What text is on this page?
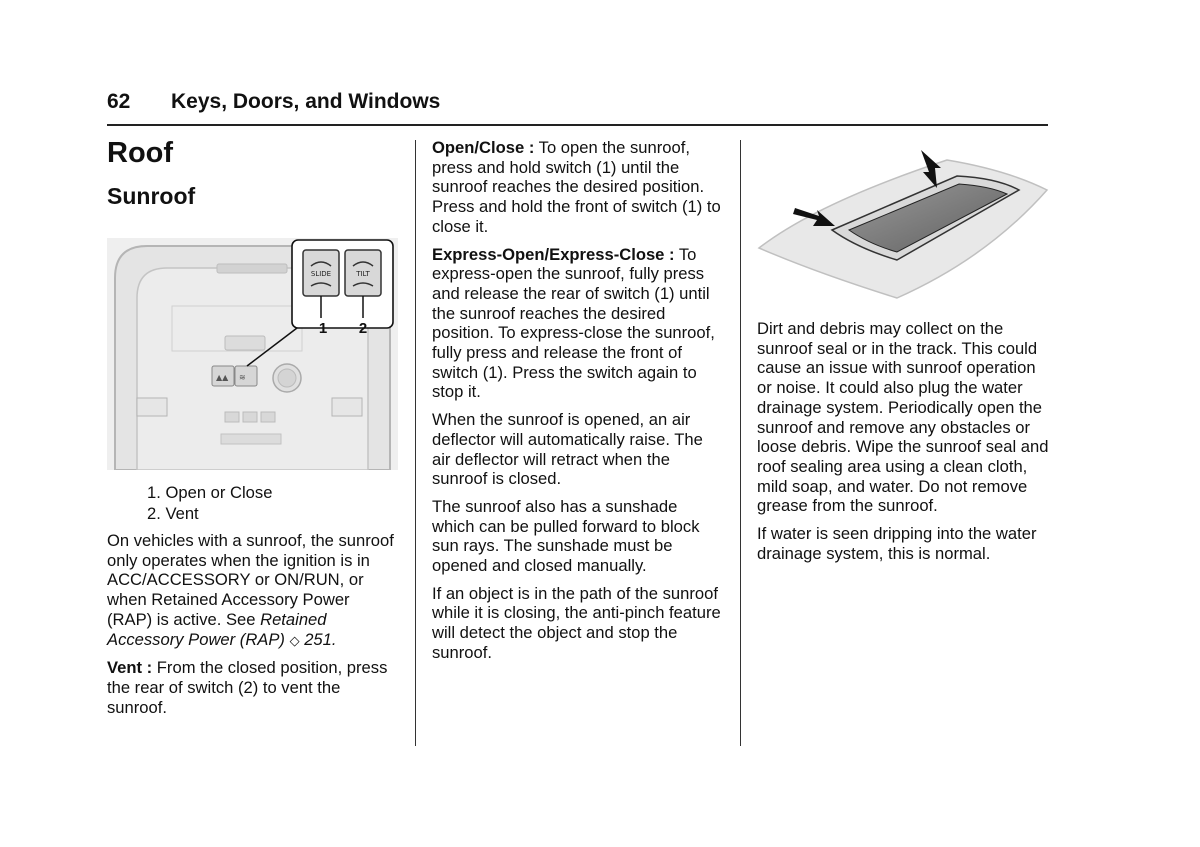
62 Keys, Doors, and Windows
Roof
Sunroof
▲▲ ≋
SLIDE	TILT
1 2
1. Open or Close
2. Vent

On vehicles with a sunroof, the sunroof only operates when the ignition is in ACC/ACCESSORY or ON/RUN, or when Retained Accessory Power (RAP) is active. See Retained Accessory Power (RAP) ◇ 251.

Vent : From the closed position, press the rear of switch (2) to vent the sunroof.

Open/Close : To open the sunroof, press and hold switch (1) until the sunroof reaches the desired position. Press and hold the front of switch (1) to close it.

Express-Open/Express-Close : To express-open the sunroof, fully press and release the rear of switch (1) until the sunroof reaches the desired position. To express-close the sunroof, fully press and release the front of switch (1). Press the switch again to stop it.

When the sunroof is opened, an air deflector will automatically raise. The air deflector will retract when the sunroof is closed.

The sunroof also has a sunshade which can be pulled forward to block sun rays. The sunshade must be opened and closed manually.

If an object is in the path of the sunroof while it is closing, the anti-pinch feature will detect the object and stop the sunroof.

Dirt and debris may collect on the sunroof seal or in the track. This could cause an issue with sunroof operation or noise. It could also plug the water drainage system. Periodically open the sunroof and remove any obstacles or loose debris. Wipe the sunroof seal and roof sealing area using a clean cloth, mild soap, and water. Do not remove grease from the sunroof.

If water is seen dripping into the water drainage system, this is normal.
